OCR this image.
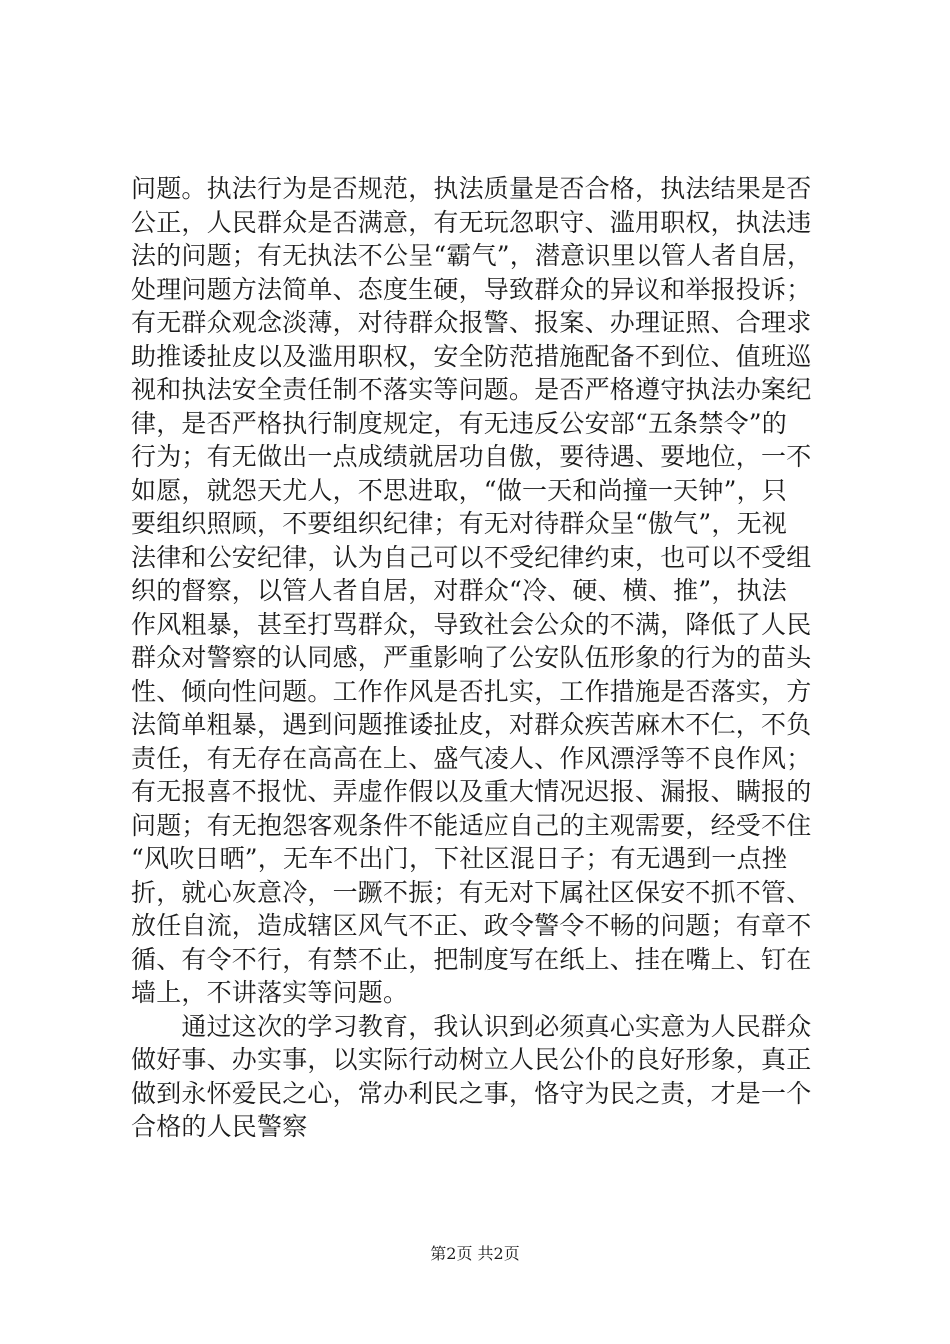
问题。执法行为是否规范，执法质量是否合格，执法结果是否
公正，人民群众是否满意，有无玩忽职守、滥用职权，执法违
法的问题；有无执法不公呈“霸气”，潜意识里以管人者自居，
处理问题方法简单、态度生硬，导致群众的异议和举报投诉；
有无群众观念淡薄，对待群众报警、报案、办理证照、合理求
助推诿扯皮以及滥用职权，安全防范措施配备不到位、值班巡
视和执法安全责任制不落实等问题。是否严格遵守执法办案纪
律，是否严格执行制度规定，有无违反公安部“五条禁令”的
行为；有无做出一点成绩就居功自傲，要待遇、要地位，一不
如愿，就怨天尤人，不思进取，“做一天和尚撞一天钟”，只
要组织照顾，不要组织纪律；有无对待群众呈“傲气”，无视
法律和公安纪律，认为自己可以不受纪律约束，也可以不受组
织的督察，以管人者自居，对群众“冷、硬、横、推”，执法
作风粗暴，甚至打骂群众，导致社会公众的不满，降低了人民
群众对警察的认同感，严重影响了公安队伍形象的行为的苗头
性、倾向性问题。工作作风是否扎实，工作措施是否落实，方
法简单粗暴，遇到问题推诿扯皮，对群众疾苦麻木不仁，不负
责任，有无存在高高在上、盛气凌人、作风漂浮等不良作风；
有无报喜不报忧、弄虚作假以及重大情况迟报、漏报、瞒报的
问题；有无抱怨客观条件不能适应自己的主观需要，经受不住
“风吹日晒”，无车不出门，下社区混日子；有无遇到一点挫
折，就心灰意冷，一蹶不振；有无对下属社区保安不抓不管、
放任自流，造成辖区风气不正、政令警令不畅的问题；有章不
循、有令不行，有禁不止，把制度写在纸上、挂在嘴上、钉在
墙上，不讲落实等问题。
　　通过这次的学习教育，我认识到必须真心实意为人民群众
做好事、办实事，以实际行动树立人民公仆的良好形象，真正
做到永怀爱民之心，常办利民之事，恪守为民之责，才是一个
合格的人民警察
第2页 共2页
